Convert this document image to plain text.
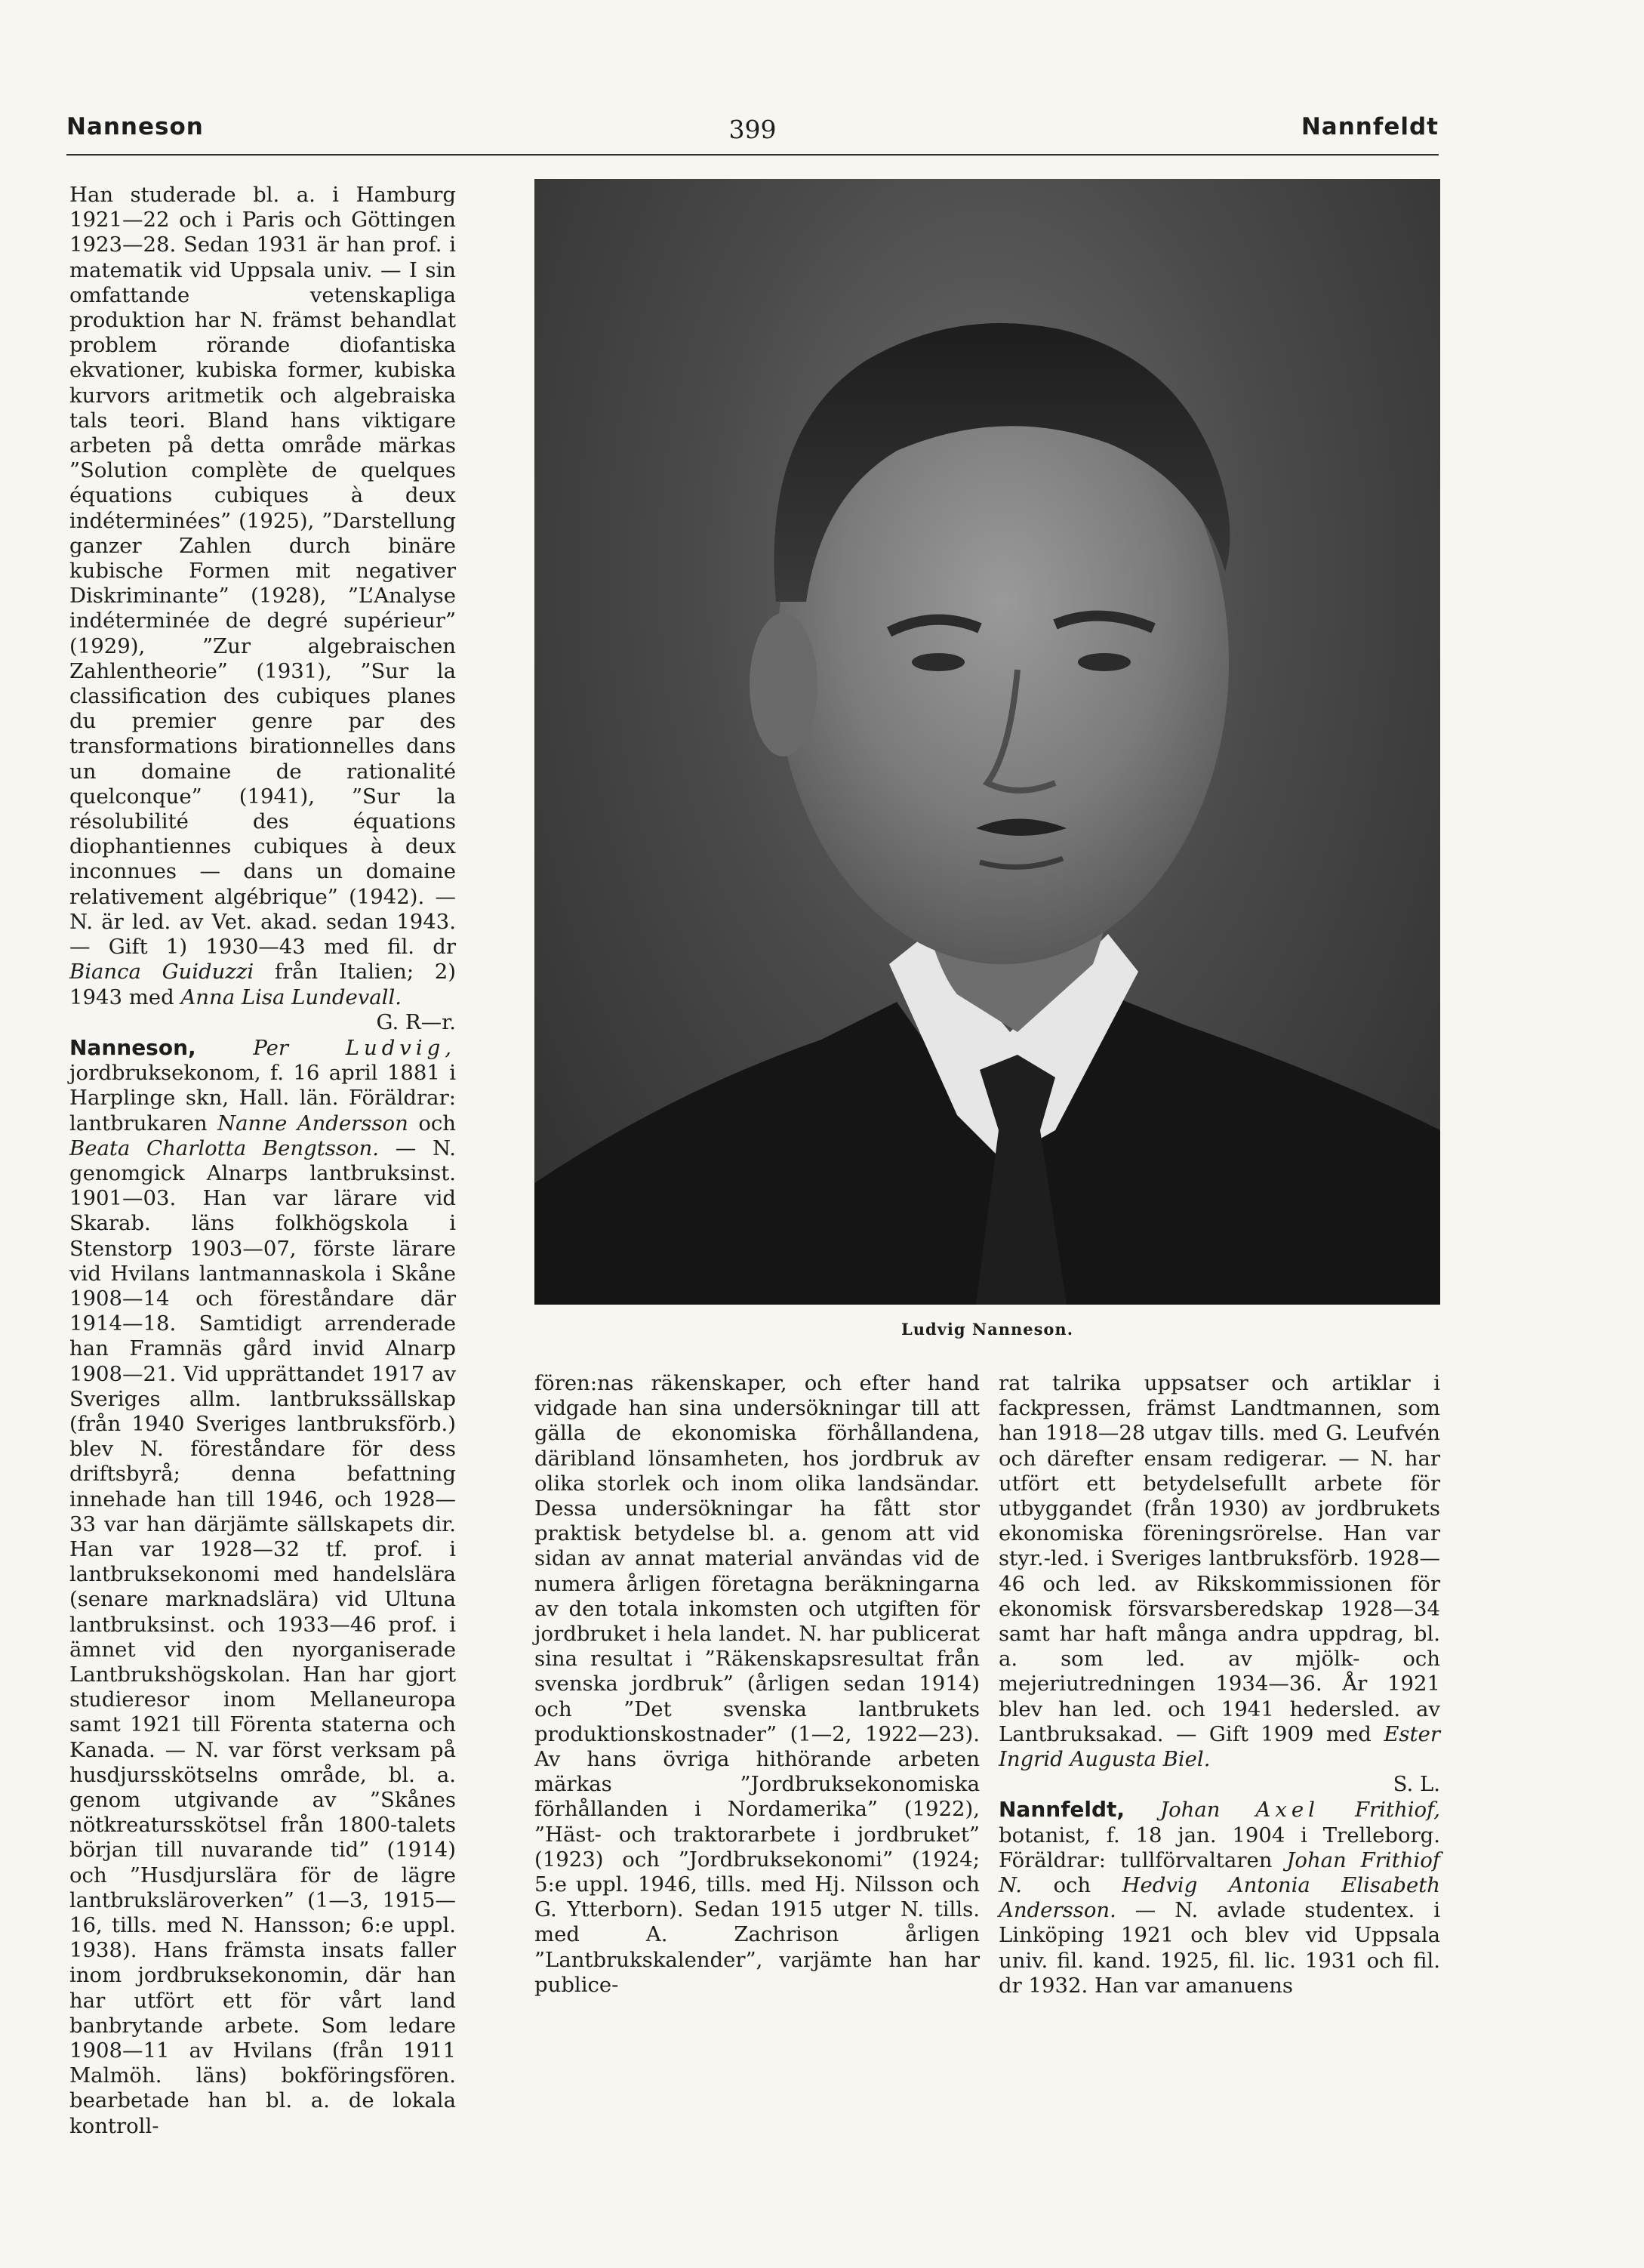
Nanneson	399	Nannfeldt

Han studerade bl. a. i Hamburg 1921—22 och i Paris och Göttingen 1923—28. Sedan 1931 är han prof. i matematik vid Uppsala univ. — I sin omfattande vetenskapliga produktion har N. främst behandlat problem rörande diofantiska ekvationer, kubiska former, kubiska kurvors aritmetik och algebraiska tals teori. Bland hans viktigare arbeten på detta område märkas ”Solution complète de quelques équations cubiques à deux indéterminées” (1925), ”Darstellung ganzer Zahlen durch binäre kubische Formen mit negativer Diskriminante” (1928), ”L’Analyse indéterminée de degré supérieur” (1929), ”Zur algebraischen Zahlentheorie” (1931), ”Sur la classification des cubiques planes du premier genre par des transformations birationnelles dans un domaine de rationalité quelconque” (1941), ”Sur la résolubilité des équations diophantiennes cubiques à deux inconnues — dans un domaine relativement algébrique” (1942). — N. är led. av Vet. akad. sedan 1943. — Gift 1) 1930—43 med fil. dr Bianca Guiduzzi från Italien; 2) 1943 med Anna Lisa Lundevall.

G. R—r.

Nanneson,	Per	Ludvig, jordbruksekonom, f. 16 april 1881 i Harplinge skn, Hall. län. Föräldrar: lantbrukaren Nanne Andersson och Beata Charlotta Bengtsson. — N. genomgick Alnarps lantbruksinst. 1901—03. Han var lärare vid Skarab. läns folkhögskola i Stenstorp 1903—07, förste lärare vid Hvilans lantmannaskola i Skåne 1908—14 och föreståndare där 1914—18. Samtidigt arrenderade han Framnäs gård invid Alnarp 1908—21. Vid upprättandet 1917 av Sveriges allm. lantbrukssällskap (från 1940 Sveriges lantbruksförb.) blev N. föreståndare för dess driftsbyrå; denna befattning innehade han till 1946, och 1928—33 var han därjämte sällskapets dir. Han var 1928—32 tf. prof. i lantbruksekonomi med handelslära (senare marknadslära) vid Ultuna lantbruksinst. och 1933—46 prof. i ämnet vid den nyorganiserade Lantbrukshögskolan. Han har gjort studieresor inom Mellaneuropa samt 1921 till Förenta staterna och Kanada. — N. var först verksam på husdjursskötselns område, bl. a. genom utgivande av ”Skånes nötkreatursskötsel från 1800-talets början till nuvarande tid” (1914) och ”Husdjurslära för de lägre lantbruksläroverken” (1—3, 1915—16, tills. med N. Hansson; 6:e uppl. 1938). Hans främsta insats faller inom jordbruksekonomin, där han har utfört ett för vårt land banbrytande arbete. Som ledare 1908—11 av Hvilans (från 1911 Malmöh. läns) bokföringsfören. bearbetade han bl. a. de lokala kontroll-

Ludvig Nanneson.

fören:nas räkenskaper, och efter hand vidgade han sina undersökningar till att gälla de ekonomiska förhållandena, däribland lönsamheten, hos jordbruk av olika storlek och inom olika landsändar. Dessa undersökningar ha fått stor praktisk betydelse bl. a. genom att vid sidan av annat material användas vid de numera årligen företagna beräkningarna av den totala inkomsten och utgiften för jordbruket i hela landet. N. har publicerat sina resultat i ”Räkenskapsresultat från svenska jordbruk” (årligen sedan 1914) och ”Det svenska lantbrukets produktionskostnader” (1—2, 1922—23). Av hans övriga hithörande arbeten märkas ”Jordbruksekonomiska förhållanden i Nordamerika” (1922), ”Häst- och traktorarbete i jordbruket” (1923) och ”Jordbruksekonomi” (1924; 5:e uppl. 1946, tills. med Hj. Nilsson och G. Ytterborn). Sedan 1915 utger N. tills. med A. Zachrison årligen ”Lantbrukskalender”, varjämte han har publice-

rat talrika uppsatser och artiklar i fackpressen, främst Landtmannen, som han 1918—28 utgav tills. med G. Leufvén och därefter ensam redigerar. — N. har utfört ett betydelsefullt arbete för utbyggandet (från 1930) av jordbrukets ekonomiska föreningsrörelse. Han var styr.-led. i Sveriges lantbruksförb. 1928—46 och led. av Rikskommissionen för ekonomisk försvarsberedskap 1928—34 samt har haft många andra uppdrag, bl. a. som led. av mjölk- och mejeriutredningen 1934—36. År 1921 blev han led. och 1941 hedersled. av Lantbruksakad. — Gift 1909 med Ester Ingrid Augusta Biel.

S. L.

Nannfeldt, Johan Axel Frithiof, botanist, f. 18 jan. 1904 i Trelleborg. Föräldrar: tullförvaltaren Johan Frithiof N. och Hedvig Antonia Elisabeth Andersson. — N. avlade studentex. i Linköping 1921 och blev vid Uppsala univ. fil. kand. 1925, fil. lic. 1931 och fil. dr 1932. Han var amanuens
